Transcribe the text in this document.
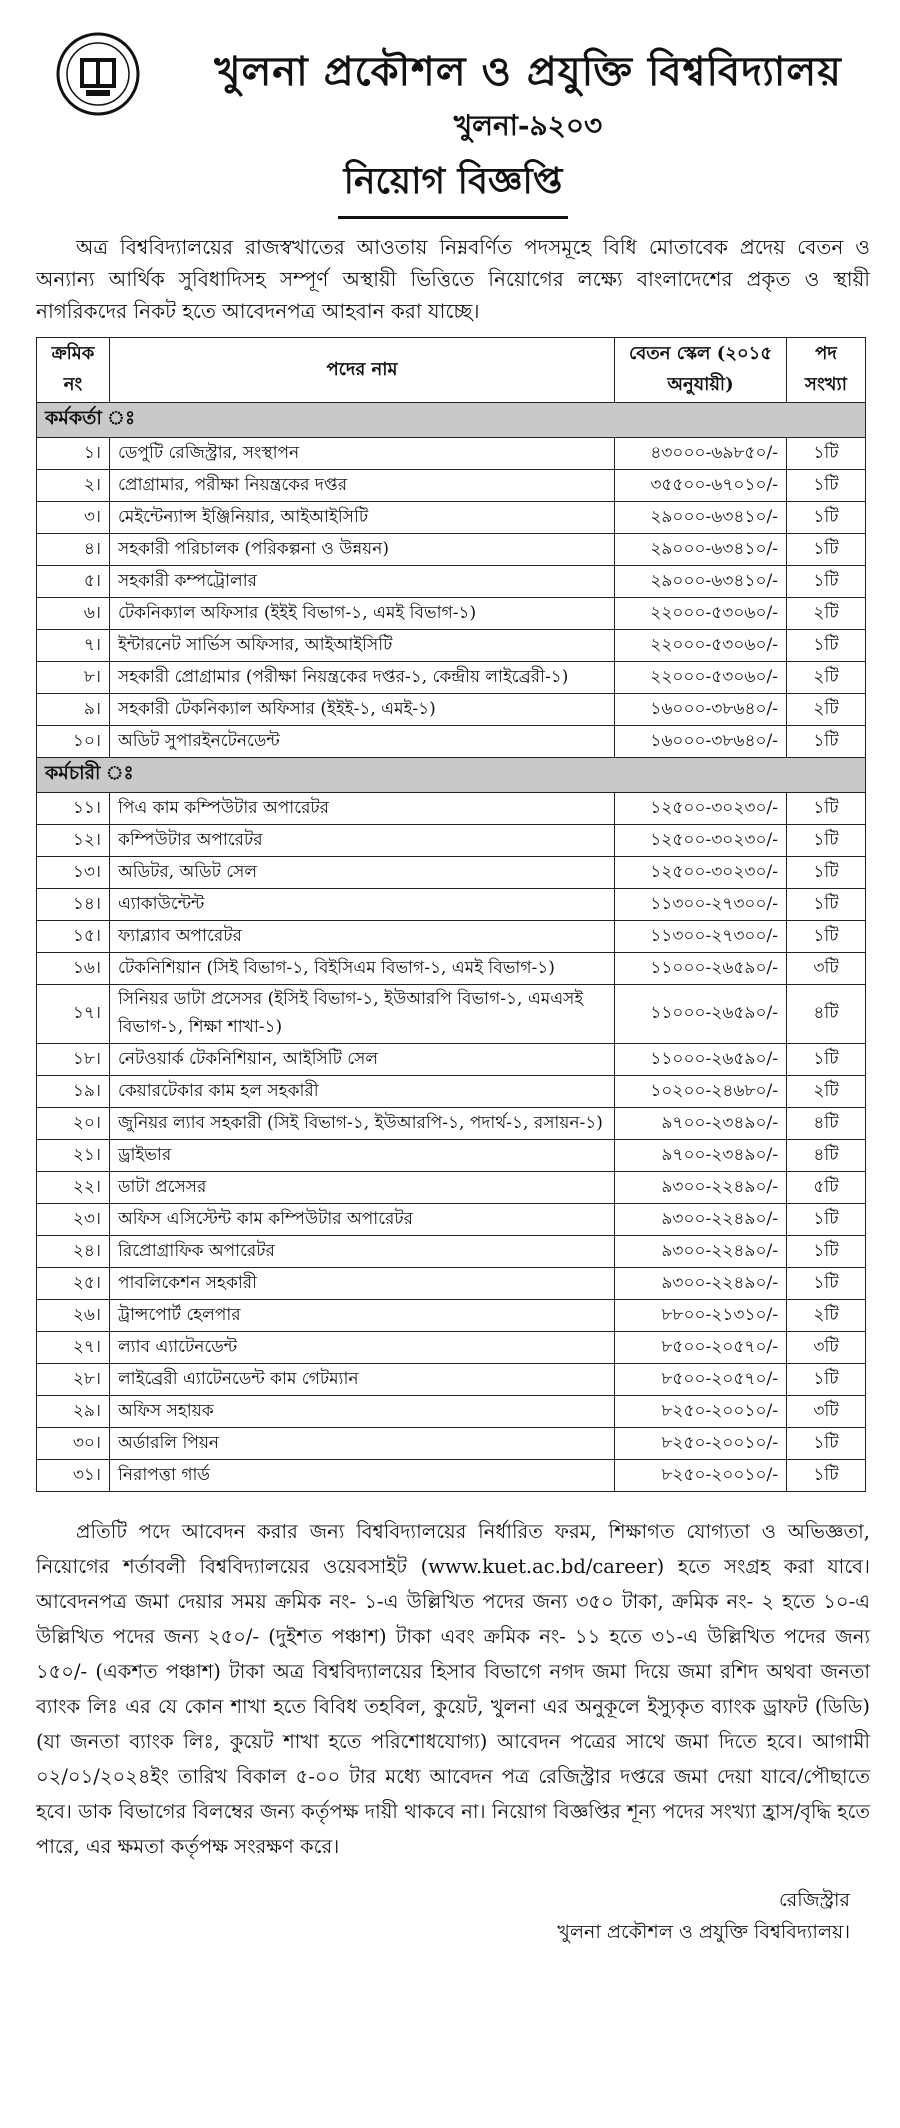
খুলনা প্রকৌশল ও প্রযুক্তি বিশ্ববিদ্যালয়
খুলনা-৯২০৩
নিয়োগ বিজ্ঞপ্তি

অত্র বিশ্ববিদ্যালয়ের রাজস্বখাতের আওতায় নিম্নবর্ণিত পদসমূহে বিধি মোতাবেক প্রদেয় বেতন ও অন্যান্য আর্থিক সুবিধাদিসহ সম্পূর্ণ অস্থায়ী ভিত্তিতে নিয়োগের লক্ষ্যে বাংলাদেশের প্রকৃত ও স্থায়ী নাগরিকদের নিকট হতে আবেদনপত্র আহবান করা যাচ্ছে।

ক্রমিক নং	পদের নাম	বেতন স্কেল (২০১৫ অনুযায়ী)	পদ সংখ্যা
কর্মকর্তা ঃ			
১।	ডেপুটি রেজিস্ট্রার, সংস্থাপন	৪৩০০০-৬৯৮৫০/-	১টি
২।	প্রোগ্রামার, পরীক্ষা নিয়ন্ত্রকের দপ্তর	৩৫৫০০-৬৭০১০/-	১টি
৩।	মেইন্টেন্যান্স ইঞ্জিনিয়ার, আইআইসিটি	২৯০০০-৬৩৪১০/-	১টি
৪।	সহকারী পরিচালক (পরিকল্পনা ও উন্নয়ন)	২৯০০০-৬৩৪১০/-	১টি
৫।	সহকারী কম্পট্রোলার	২৯০০০-৬৩৪১০/-	১টি
৬।	টেকনিক্যাল অফিসার (ইইই বিভাগ-১, এমই বিভাগ-১)	২২০০০-৫৩০৬০/-	২টি
৭।	ইন্টারনেট সার্ভিস অফিসার, আইআইসিটি	২২০০০-৫৩০৬০/-	১টি
৮।	সহকারী প্রোগ্রামার (পরীক্ষা নিয়ন্ত্রকের দপ্তর-১, কেন্দ্রীয় লাইব্রেরী-১)	২২০০০-৫৩০৬০/-	২টি
৯।	সহকারী টেকনিক্যাল অফিসার (ইইই-১, এমই-১)	১৬০০০-৩৮৬৪০/-	২টি
১০।	অডিট সুপারইনটেনডেন্ট	১৬০০০-৩৮৬৪০/-	১টি
কর্মচারী ঃ			
১১।	পিএ কাম কম্পিউটার অপারেটর	১২৫০০-৩০২৩০/-	১টি
১২।	কম্পিউটার অপারেটর	১২৫০০-৩০২৩০/-	১টি
১৩।	অডিটর, অডিট সেল	১২৫০০-৩০২৩০/-	১টি
১৪।	এ্যাকাউন্টেন্ট	১১৩০০-২৭৩০০/-	১টি
১৫।	ফ্যাব্ল্যাব অপারেটর	১১৩০০-২৭৩০০/-	১টি
১৬।	টেকনিশিয়ান (সিই বিভাগ-১, বিইসিএম বিভাগ-১, এমই বিভাগ-১)	১১০০০-২৬৫৯০/-	৩টি
১৭।	সিনিয়র ডাটা প্রসেসর (ইসিই বিভাগ-১, ইউআরপি বিভাগ-১, এমএসই বিভাগ-১, শিক্ষা শাখা-১)	১১০০০-২৬৫৯০/-	৪টি
১৮।	নেটওয়ার্ক টেকনিশিয়ান, আইসিটি সেল	১১০০০-২৬৫৯০/-	১টি
১৯।	কেয়ারটেকার কাম হল সহকারী	১০২০০-২৪৬৮০/-	২টি
২০।	জুনিয়র ল্যাব সহকারী (সিই বিভাগ-১, ইউআরপি-১, পদার্থ-১, রসায়ন-১)	৯৭০০-২৩৪৯০/-	৪টি
২১।	ড্রাইভার	৯৭০০-২৩৪৯০/-	৪টি
২২।	ডাটা প্রসেসর	৯৩০০-২২৪৯০/-	৫টি
২৩।	অফিস এসিস্টেন্ট কাম কম্পিউটার অপারেটর	৯৩০০-২২৪৯০/-	১টি
২৪।	রিপ্রোগ্রাফিক অপারেটর	৯৩০০-২২৪৯০/-	১টি
২৫।	পাবলিকেশন সহকারী	৯৩০০-২২৪৯০/-	১টি
২৬।	ট্রান্সপোর্ট হেলপার	৮৮০০-২১৩১০/-	২টি
২৭।	ল্যাব এ্যাটেনডেন্ট	৮৫০০-২০৫৭০/-	৩টি
২৮।	লাইব্রেরী এ্যাটেনডেন্ট কাম গেটম্যান	৮৫০০-২০৫৭০/-	১টি
২৯।	অফিস সহায়ক	৮২৫০-২০০১০/-	৩টি
৩০।	অর্ডারলি পিয়ন	৮২৫০-২০০১০/-	১টি
৩১।	নিরাপত্তা গার্ড	৮২৫০-২০০১০/-	১টি

প্রতিটি পদে আবেদন করার জন্য বিশ্ববিদ্যালয়ের নির্ধারিত ফরম, শিক্ষাগত যোগ্যতা ও অভিজ্ঞতা, নিয়োগের শর্তাবলী বিশ্ববিদ্যালয়ের ওয়েবসাইট (www.kuet.ac.bd/career) হতে সংগ্রহ করা যাবে। আবেদনপত্র জমা দেয়ার সময় ক্রমিক নং- ১-এ উল্লিখিত পদের জন্য ৩৫০ টাকা, ক্রমিক নং- ২ হতে ১০-এ উল্লিখিত পদের জন্য ২৫০/- (দুইশত পঞ্চাশ) টাকা এবং ক্রমিক নং- ১১ হতে ৩১-এ উল্লিখিত পদের জন্য ১৫০/- (একশত পঞ্চাশ) টাকা অত্র বিশ্ববিদ্যালয়ের হিসাব বিভাগে নগদ জমা দিয়ে জমা রশিদ অথবা জনতা ব্যাংক লিঃ এর যে কোন শাখা হতে বিবিধ তহবিল, কুয়েট, খুলনা এর অনুকূলে ইস্যুকৃত ব্যাংক ড্রাফট (ডিডি) (যা জনতা ব্যাংক লিঃ, কুয়েট শাখা হতে পরিশোধযোগ্য) আবেদন পত্রের সাথে জমা দিতে হবে। আগামী ০২/০১/২০২৪ইং তারিখ বিকাল ৫-০০ টার মধ্যে আবেদন পত্র রেজিস্ট্রার দপ্তরে জমা দেয়া যাবে/পৌছাতে হবে। ডাক বিভাগের বিলম্বের জন্য কর্তৃপক্ষ দায়ী থাকবে না। নিয়োগ বিজ্ঞপ্তির শূন্য পদের সংখ্যা হ্রাস/বৃদ্ধি হতে পারে, এর ক্ষমতা কর্তৃপক্ষ সংরক্ষণ করে।

রেজিস্ট্রার
খুলনা প্রকৌশল ও প্রযুক্তি বিশ্ববিদ্যালয়।
